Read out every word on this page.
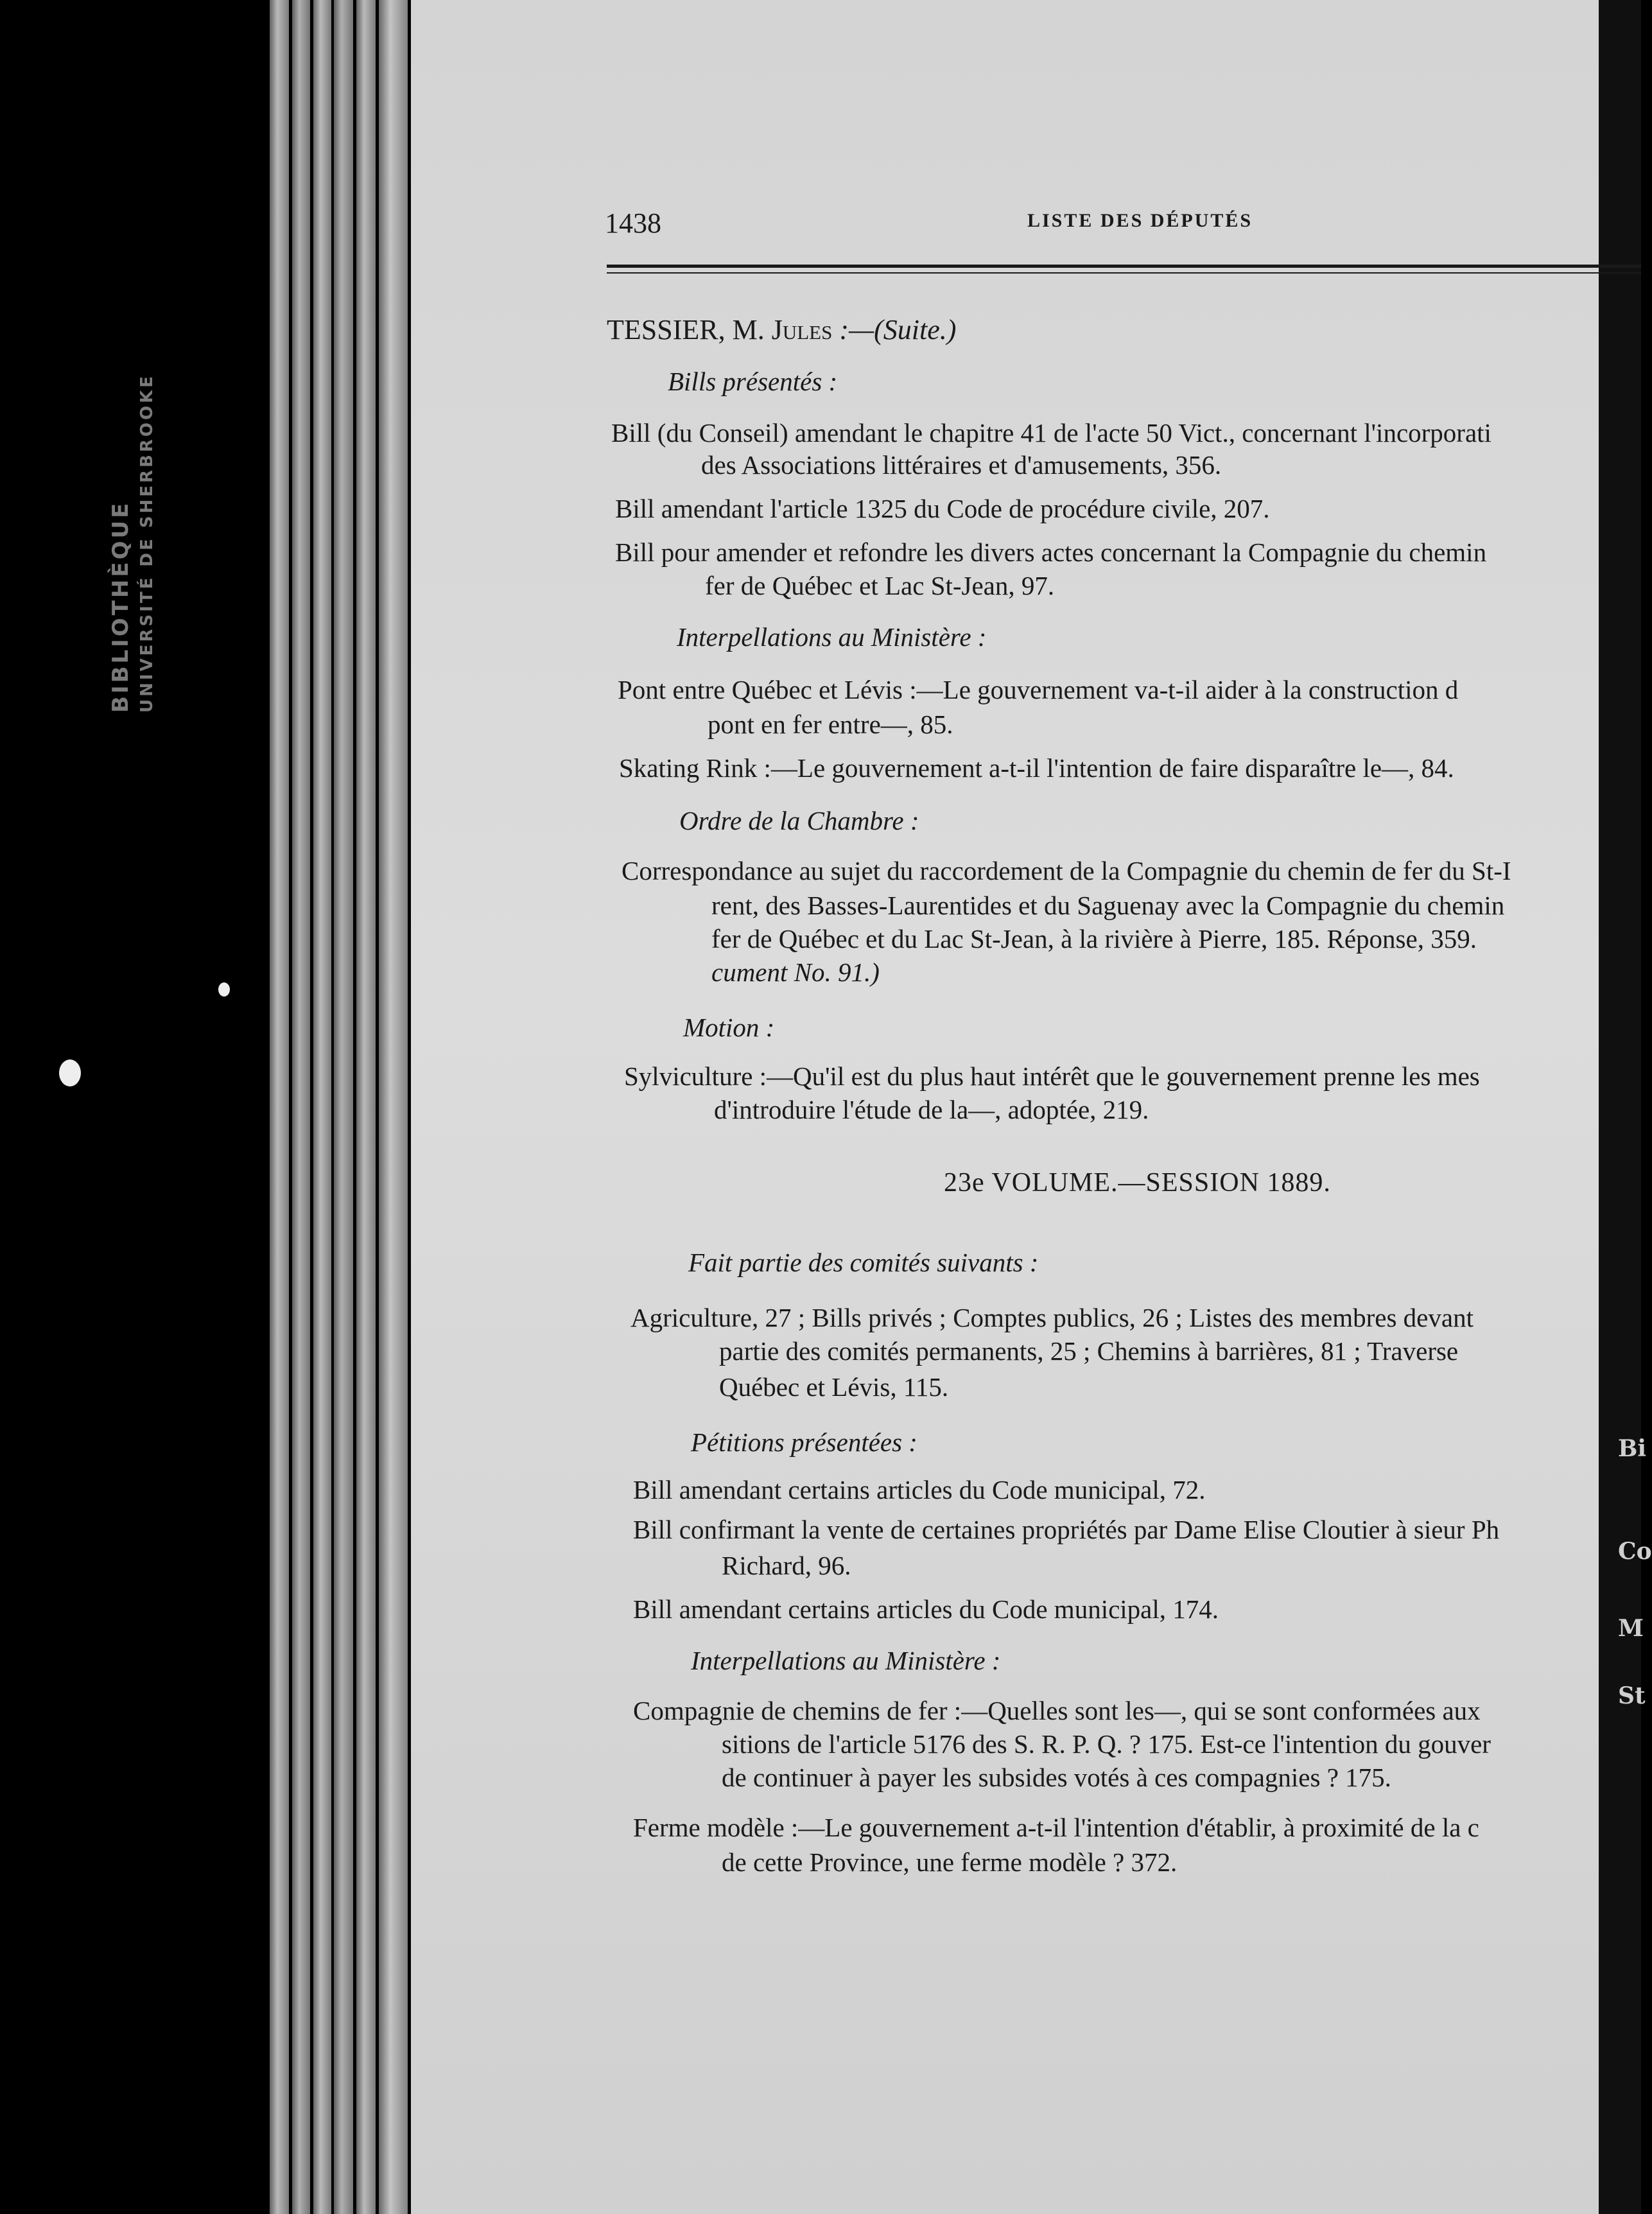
BIBLIOTHÈQUE UNIVERSITÉ DE SHERBROOKE
Bi
Co
M
St
1438	LISTE DES DÉPUTÉS
TESSIER, M. Jules :—(Suite.)
Bills présentés :
Bill (du Conseil) amendant le chapitre 41 de l'acte 50 Vict., concernant l'incorporati
des Associations littéraires et d'amusements, 356.
Bill amendant l'article 1325 du Code de procédure civile, 207.
Bill pour amender et refondre les divers actes concernant la Compagnie du chemin
fer de Québec et Lac St-Jean, 97.
Interpellations au Ministère :
Pont entre Québec et Lévis :—Le gouvernement va-t-il aider à la construction d
pont en fer entre—, 85.
Skating Rink :—Le gouvernement a-t-il l'intention de faire disparaître le—, 84.
Ordre de la Chambre :
Correspondance au sujet du raccordement de la Compagnie du chemin de fer du St-I
rent, des Basses-Laurentides et du Saguenay avec la Compagnie du chemin
fer de Québec et du Lac St-Jean, à la rivière à Pierre, 185. Réponse, 359.
cument No. 91.)
Motion :
Sylviculture :—Qu'il est du plus haut intérêt que le gouvernement prenne les mes
d'introduire l'étude de la—, adoptée, 219.
23e VOLUME.—SESSION 1889.
Fait partie des comités suivants :
Agriculture, 27 ; Bills privés ; Comptes publics, 26 ; Listes des membres devant
partie des comités permanents, 25 ; Chemins à barrières, 81 ; Traverse
Québec et Lévis, 115.
Pétitions présentées :
Bill amendant certains articles du Code municipal, 72.
Bill confirmant la vente de certaines propriétés par Dame Elise Cloutier à sieur Ph
Richard, 96.
Bill amendant certains articles du Code municipal, 174.
Interpellations au Ministère :
Compagnie de chemins de fer :—Quelles sont les—, qui se sont conformées aux
sitions de l'article 5176 des S. R. P. Q. ? 175. Est-ce l'intention du gouver
de continuer à payer les subsides votés à ces compagnies ? 175.
Ferme modèle :—Le gouvernement a-t-il l'intention d'établir, à proximité de la c
de cette Province, une ferme modèle ? 372.
